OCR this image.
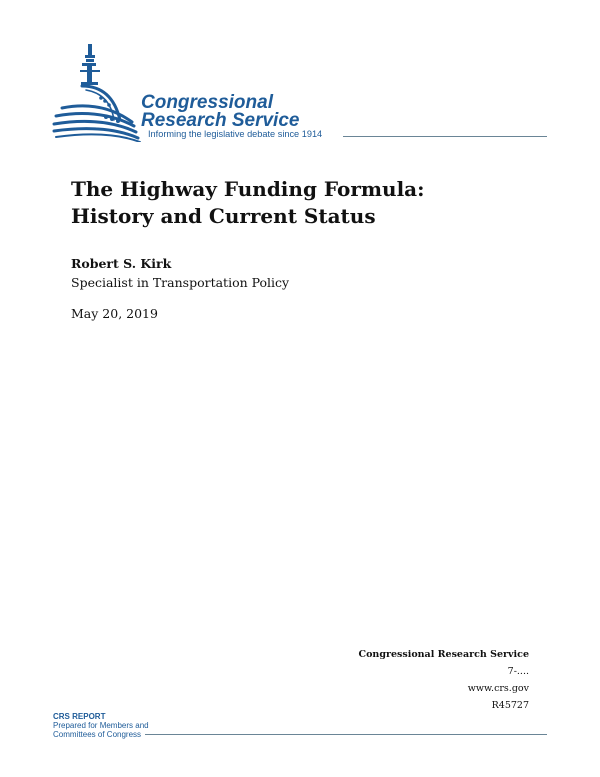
Congressional
Research Service
Informing the legislative debate since 1914
The Highway Funding Formula:
History and Current Status
Robert S. Kirk
Specialist in Transportation Policy
May 20, 2019
Congressional Research Service
7-....
www.crs.gov
R45727
CRS REPORT
Prepared for Members and
Committees of Congress
